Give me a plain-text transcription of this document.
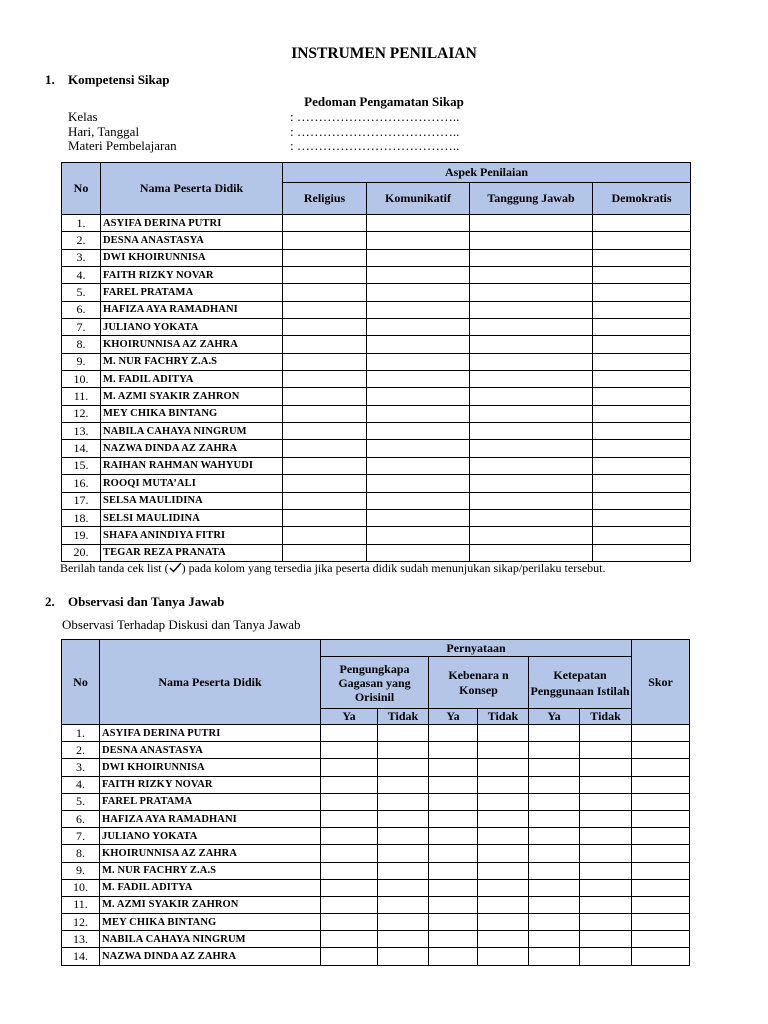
INSTRUMEN PENILAIAN
1. Kompetensi Sikap
Pedoman Pengamatan Sikap
Kelas	: ………………………………..
Hari, Tanggal	: ………………………………..
Materi Pembelajaran	: ………………………………..
No	Nama Peserta Didik	Aspek Penilaian			
		Religius	Komunikatif	Tanggung Jawab	Demokratis
1.	ASYIFA DERINA PUTRI				
2.	DESNA ANASTASYA				
3.	DWI KHOIRUNNISA				
4.	FAITH RIZKY NOVAR				
5.	FAREL PRATAMA				
6.	HAFIZA AYA RAMADHANI				
7.	JULIANO YOKATA				
8.	KHOIRUNNISA AZ ZAHRA				
9.	M. NUR FACHRY Z.A.S				
10.	M. FADIL ADITYA				
11.	M. AZMI SYAKIR ZAHRON				
12.	MEY CHIKA BINTANG				
13.	NABILA CAHAYA NINGRUM				
14.	NAZWA DINDA AZ ZAHRA				
15.	RAIHAN RAHMAN WAHYUDI				
16.	ROOQI MUTA’ALI				
17.	SELSA MAULIDINA				
18.	SELSI MAULIDINA				
19.	SHAFA ANINDIYA FITRI				
20.	TEGAR REZA PRANATA				
Berilah tanda cek list ( ) pada kolom yang tersedia jika peserta didik sudah menunjukan sikap/perilaku tersebut.
2. Observasi dan Tanya Jawab
Observasi Terhadap Diskusi dan Tanya Jawab
No	Nama Peserta Didik	Pernyataan						Skor
		Pengungkapa Gagasan yang Orisinil		Kebenara n Konsep		Ketepatan Penggunaan Istilah		
		Ya	Tidak	Ya	Tidak	Ya	Tidak	
1.	ASYIFA DERINA PUTRI							
2.	DESNA ANASTASYA							
3.	DWI KHOIRUNNISA							
4.	FAITH RIZKY NOVAR							
5.	FAREL PRATAMA							
6.	HAFIZA AYA RAMADHANI							
7.	JULIANO YOKATA							
8.	KHOIRUNNISA AZ ZAHRA							
9.	M. NUR FACHRY Z.A.S							
10.	M. FADIL ADITYA							
11.	M. AZMI SYAKIR ZAHRON							
12.	MEY CHIKA BINTANG							
13.	NABILA CAHAYA NINGRUM							
14.	NAZWA DINDA AZ ZAHRA							
